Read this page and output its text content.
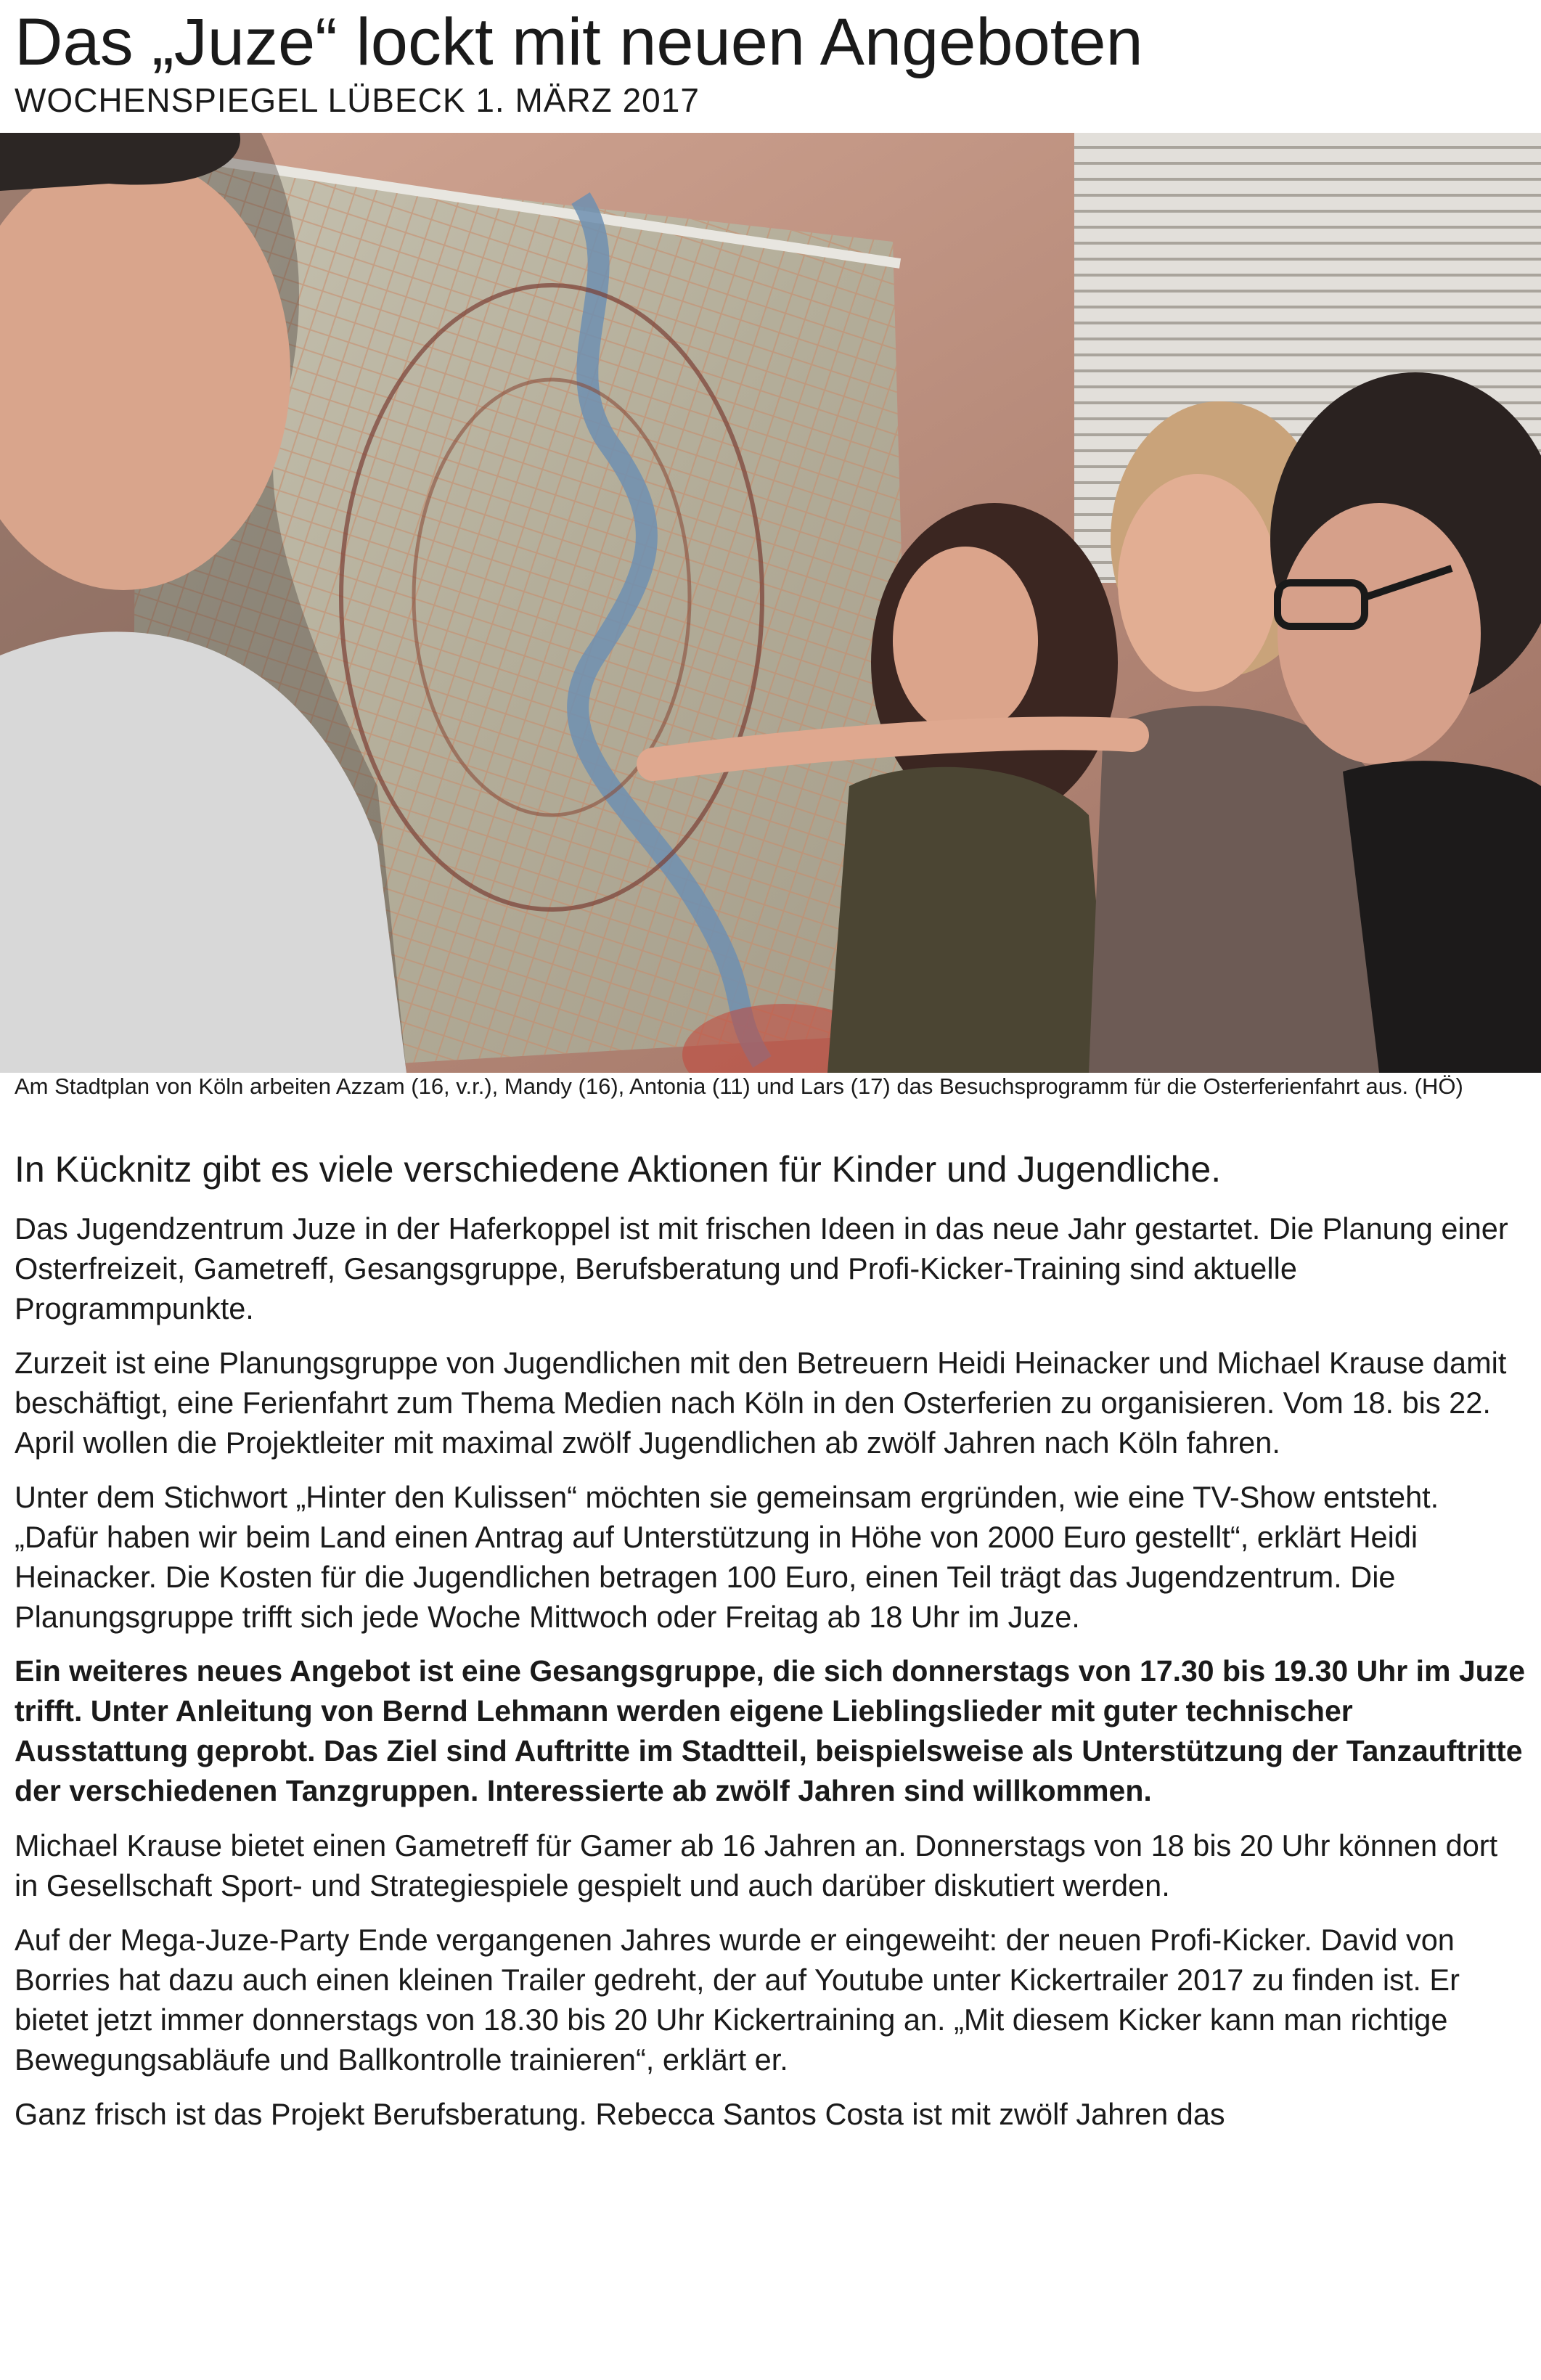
Das „Juze“ lockt mit neuen Angeboten
WOCHENSPIEGEL LÜBECK 1. MÄRZ 2017

Am Stadtplan von Köln arbeiten Azzam (16, v.r.), Mandy (16), Antonia (11) und Lars (17) das Besuchsprogramm für die Osterferienfahrt aus. (HÖ)

In Kücknitz gibt es viele verschiedene Aktionen für Kinder und Jugendliche.

Das Jugendzentrum Juze in der Haferkoppel ist mit frischen Ideen in das neue Jahr gestartet. Die Planung einer Osterfreizeit, Gametreff, Gesangsgruppe, Berufsberatung und Profi-Kicker-Training sind aktuelle Programmpunkte.

Zurzeit ist eine Planungsgruppe von Jugendlichen mit den Betreuern Heidi Heinacker und Michael Krause damit beschäftigt, eine Ferienfahrt zum Thema Medien nach Köln in den Osterferien zu organisieren. Vom 18. bis 22. April wollen die Projektleiter mit maximal zwölf Jugendlichen ab zwölf Jahren nach Köln fahren.

Unter dem Stichwort „Hinter den Kulissen“ möchten sie gemeinsam ergründen, wie eine TV-Show entsteht. „Dafür haben wir beim Land einen Antrag auf Unterstützung in Höhe von 2000 Euro gestellt“, erklärt Heidi Heinacker. Die Kosten für die Jugendlichen betragen 100 Euro, einen Teil trägt das Jugendzentrum. Die Planungsgruppe trifft sich jede Woche Mittwoch oder Freitag ab 18 Uhr im Juze.

Ein weiteres neues Angebot ist eine Gesangsgruppe, die sich donnerstags von 17.30 bis 19.30 Uhr im Juze trifft. Unter Anleitung von Bernd Lehmann werden eigene Lieblingslieder mit guter technischer Ausstattung geprobt. Das Ziel sind Auftritte im Stadtteil, beispielsweise als Unterstützung der Tanzauftritte der verschiedenen Tanzgruppen. Interessierte ab zwölf Jahren sind willkommen.

Michael Krause bietet einen Gametreff für Gamer ab 16 Jahren an. Donnerstags von 18 bis 20 Uhr können dort in Gesellschaft Sport- und Strategiespiele gespielt und auch darüber diskutiert werden.

Auf der Mega-Juze-Party Ende vergangenen Jahres wurde er eingeweiht: der neuen Profi-Kicker. David von Borries hat dazu auch einen kleinen Trailer gedreht, der auf Youtube unter Kickertrailer 2017 zu finden ist. Er bietet jetzt immer donnerstags von 18.30 bis 20 Uhr Kickertraining an. „Mit diesem Kicker kann man richtige Bewegungsabläufe und Ballkontrolle trainieren“, erklärt er.

Ganz frisch ist das Projekt Berufsberatung. Rebecca Santos Costa ist mit zwölf Jahren das
